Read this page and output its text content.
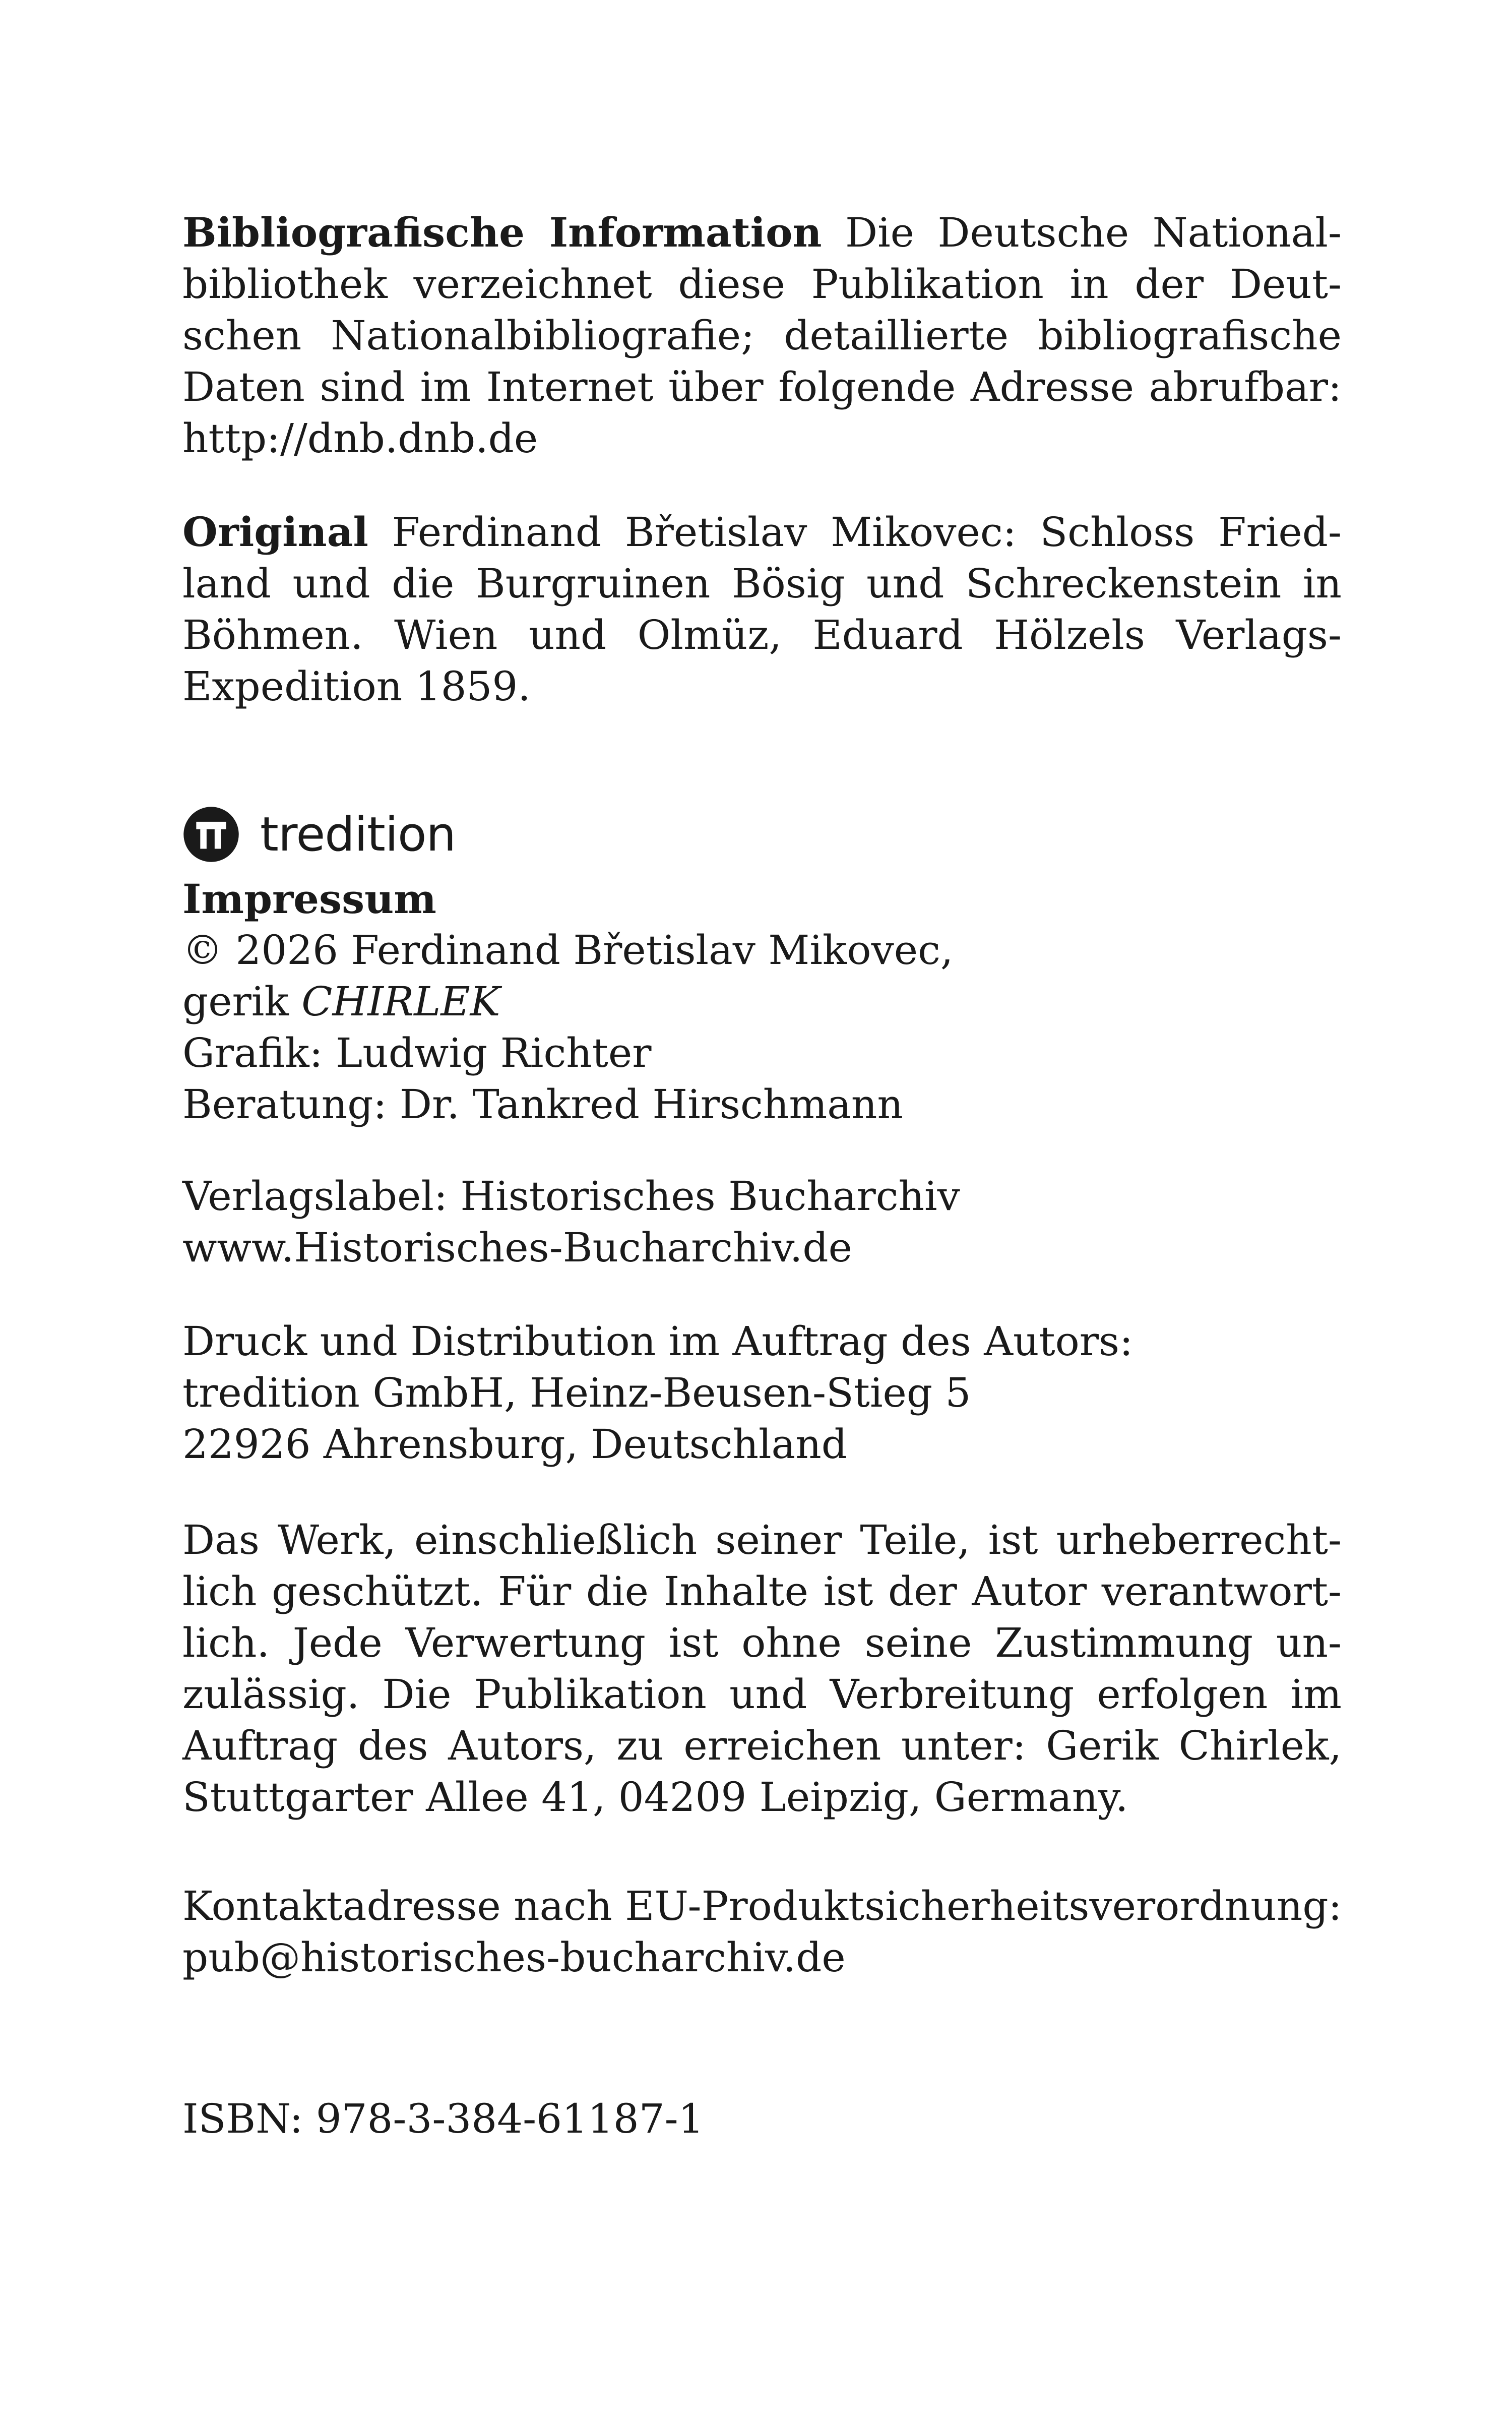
Bibliografische Information Die Deutsche Nationalbibliothek verzeichnet diese Publikation in der Deutschen Nationalbibliografie; detaillierte bibliografische Daten sind im Internet über folgende Adresse abrufbar: http://dnb.dnb.de
Original Ferdinand Břetislav Mikovec: Schloss Friedland und die Burgruinen Bösig und Schreckenstein in Böhmen. Wien und Olmüz, Eduard Hölzels Verlags-Expedition 1859.
tredition
Impressum
© 2026 Ferdinand Břetislav Mikovec,
gerik CHIRLEK
Grafik: Ludwig Richter
Beratung: Dr. Tankred Hirschmann
Verlagslabel: Historisches Bucharchiv
www.Historisches-Bucharchiv.de
Druck und Distribution im Auftrag des Autors:
tredition GmbH, Heinz-Beusen-Stieg 5
22926 Ahrensburg, Deutschland
Das Werk, einschließlich seiner Teile, ist urheberrechtlich geschützt. Für die Inhalte ist der Autor verantwortlich. Jede Verwertung ist ohne seine Zustimmung unzulässig. Die Publikation und Verbreitung erfolgen im Auftrag des Autors, zu erreichen unter: Gerik Chirlek, Stuttgarter Allee 41, 04209 Leipzig, Germany.
Kontaktadresse nach EU-Produktsicherheitsverordnung:
pub@historisches-bucharchiv.de
ISBN: 978-3-384-61187-1
